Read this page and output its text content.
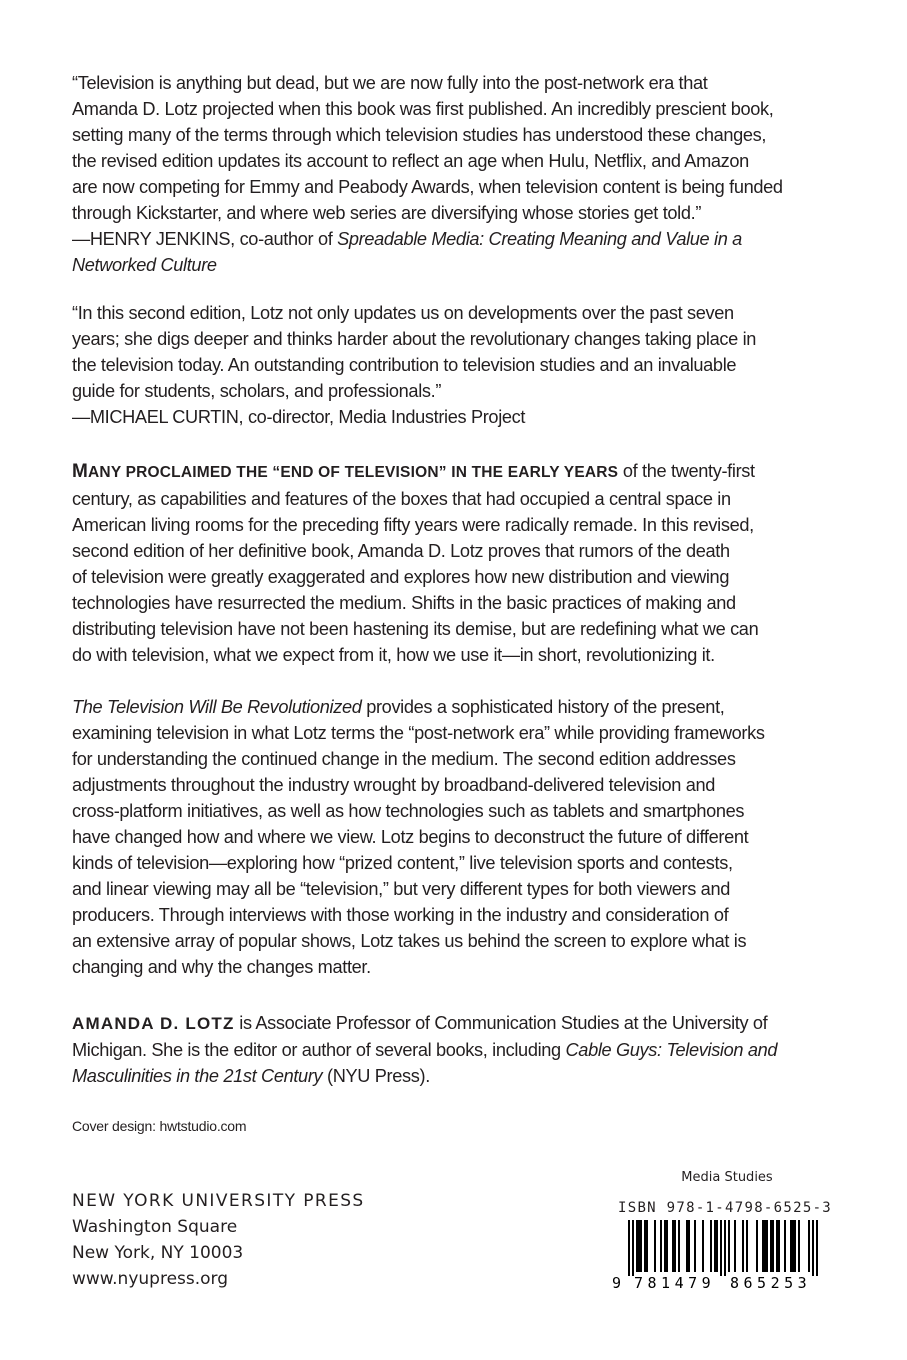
“Television is anything but dead, but we are now fully into the post-network era that
Amanda D. Lotz projected when this book was first published. An incredibly prescient book,
setting many of the terms through which television studies has understood these changes,
the revised edition updates its account to reflect an age when Hulu, Netflix, and Amazon
are now competing for Emmy and Peabody Awards, when television content is being funded
through Kickstarter, and where web series are diversifying whose stories get told.”
—HENRY JENKINS, co-author of Spreadable Media: Creating Meaning and Value in a
Networked Culture
“In this second edition, Lotz not only updates us on developments over the past seven
years; she digs deeper and thinks harder about the revolutionary changes taking place in
the television today. An outstanding contribution to television studies and an invaluable
guide for students, scholars, and professionals.”
—MICHAEL CURTIN, co-director, Media Industries Project
MANY PROCLAIMED THE “END OF TELEVISION” IN THE EARLY YEARS of the twenty-first
century, as capabilities and features of the boxes that had occupied a central space in
American living rooms for the preceding fifty years were radically remade. In this revised,
second edition of her definitive book, Amanda D. Lotz proves that rumors of the death
of television were greatly exaggerated and explores how new distribution and viewing
technologies have resurrected the medium. Shifts in the basic practices of making and
distributing television have not been hastening its demise, but are redefining what we can
do with television, what we expect from it, how we use it—in short, revolutionizing it.
The Television Will Be Revolutionized provides a sophisticated history of the present,
examining television in what Lotz terms the “post-network era” while providing frameworks
for understanding the continued change in the medium. The second edition addresses
adjustments throughout the industry wrought by broadband-delivered television and
cross-platform initiatives, as well as how technologies such as tablets and smartphones
have changed how and where we view. Lotz begins to deconstruct the future of different
kinds of television—exploring how “prized content,” live television sports and contests,
and linear viewing may all be “television,” but very different types for both viewers and
producers. Through interviews with those working in the industry and consideration of
an extensive array of popular shows, Lotz takes us behind the screen to explore what is
changing and why the changes matter.
AMANDA D. LOTZ is Associate Professor of Communication Studies at the University of
Michigan. She is the editor or author of several books, including Cable Guys: Television and
Masculinities in the 21st Century (NYU Press).
Cover design: hwtstudio.com
NEW YORK UNIVERSITY PRESS
Washington Square
New York, NY 10003
www.nyupress.org
Media Studies
ISBN 978-1-4798-6525-3
9 781479 865253
